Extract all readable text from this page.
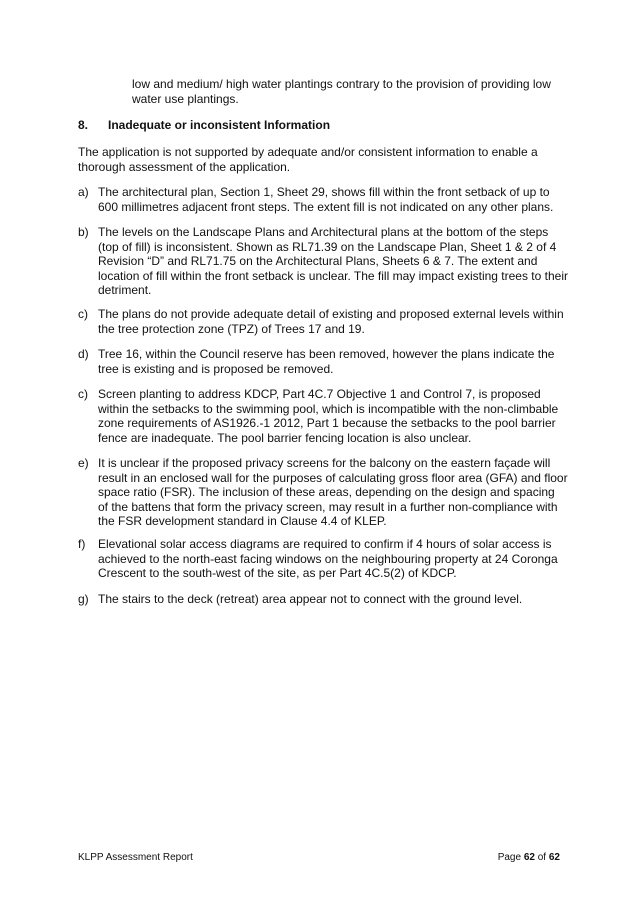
low and medium/ high water plantings contrary to the provision of providing low water use plantings.
8. Inadequate or inconsistent Information
The application is not supported by adequate and/or consistent information to enable a thorough assessment of the application.
a) The architectural plan, Section 1, Sheet 29, shows fill within the front setback of up to 600 millimetres adjacent front steps. The extent fill is not indicated on any other plans.
b) The levels on the Landscape Plans and Architectural plans at the bottom of the steps (top of fill) is inconsistent. Shown as RL71.39 on the Landscape Plan, Sheet 1 & 2 of 4 Revision “D” and RL71.75 on the Architectural Plans, Sheets 6 & 7. The extent and location of fill within the front setback is unclear. The fill may impact existing trees to their detriment.
c) The plans do not provide adequate detail of existing and proposed external levels within the tree protection zone (TPZ) of Trees 17 and 19.
d) Tree 16, within the Council reserve has been removed, however the plans indicate the tree is existing and is proposed be removed.
c) Screen planting to address KDCP, Part 4C.7 Objective 1 and Control 7, is proposed within the setbacks to the swimming pool, which is incompatible with the non-climbable zone requirements of AS1926.-1 2012, Part 1 because the setbacks to the pool barrier fence are inadequate. The pool barrier fencing location is also unclear.
e) It is unclear if the proposed privacy screens for the balcony on the eastern façade will result in an enclosed wall for the purposes of calculating gross floor area (GFA) and floor space ratio (FSR). The inclusion of these areas, depending on the design and spacing of the battens that form the privacy screen, may result in a further non-compliance with the FSR development standard in Clause 4.4 of KLEP.
f) Elevational solar access diagrams are required to confirm if 4 hours of solar access is achieved to the north-east facing windows on the neighbouring property at 24 Coronga Crescent to the south-west of the site, as per Part 4C.5(2) of KDCP.
g) The stairs to the deck (retreat) area appear not to connect with the ground level.
KLPP Assessment Report	Page 62 of 62
